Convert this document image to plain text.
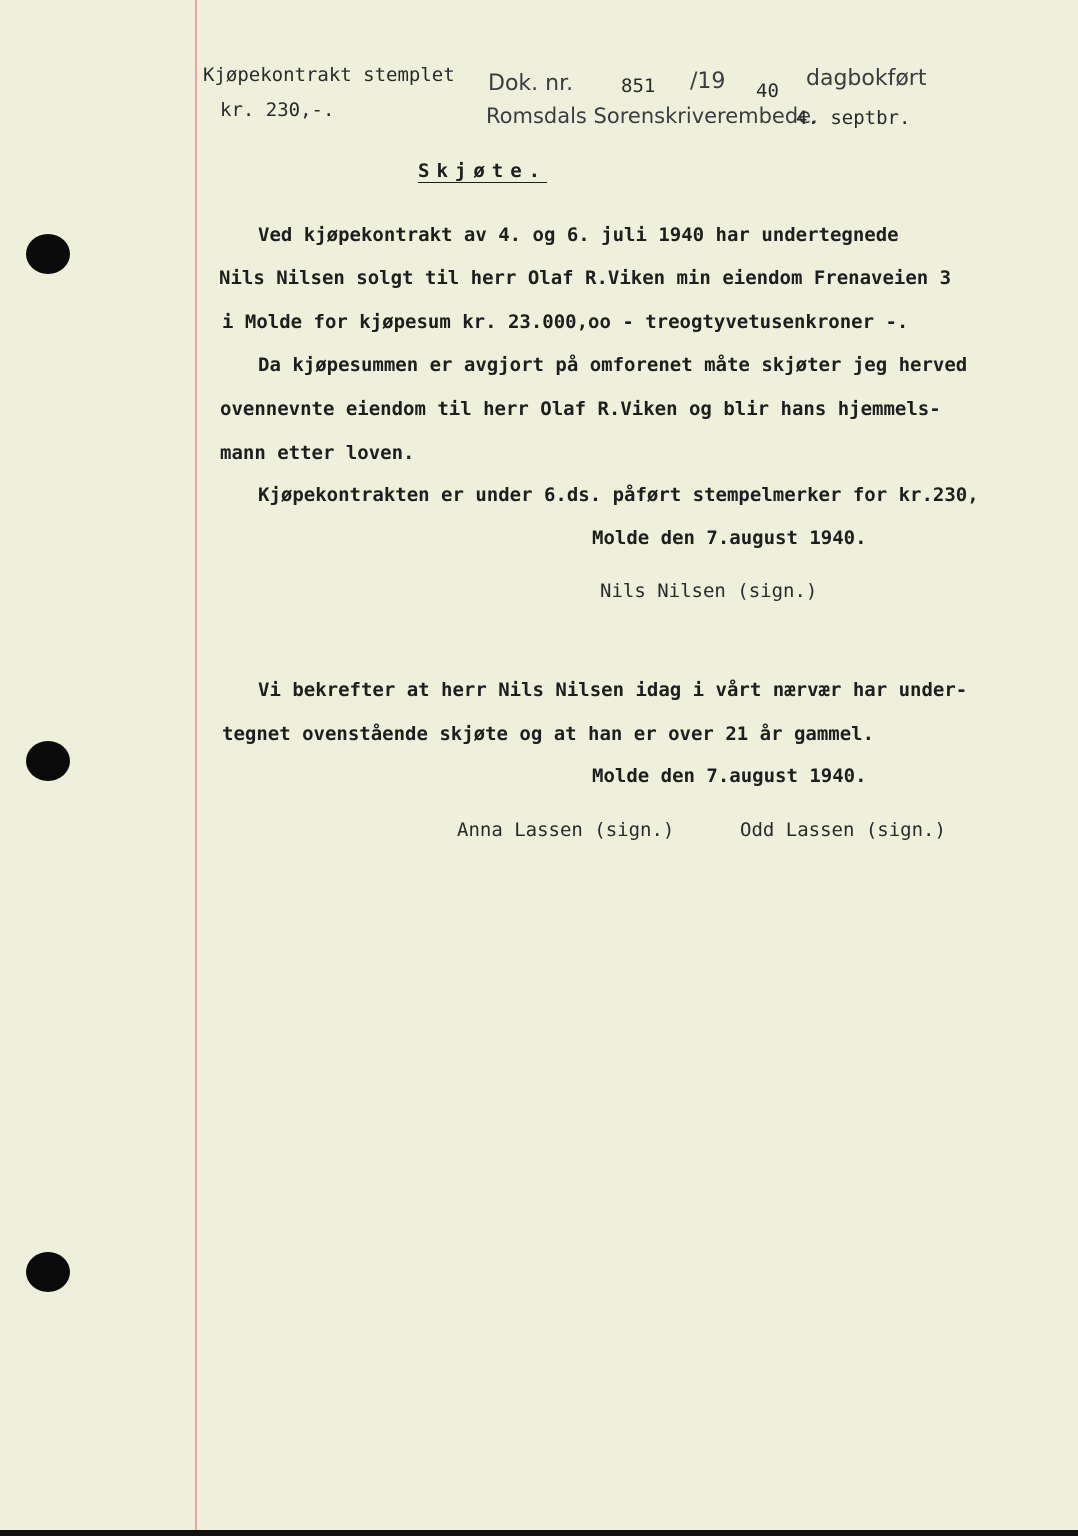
Kjøpekontrakt stemplet
kr. 230,-.
Dok. nr.	851 /19 40 dagbokført
Romsdals Sorenskriverembede.
4. septbr.
Skjøte.
Ved kjøpekontrakt av 4. og 6. juli 1940 har undertegnede
Nils Nilsen solgt til herr Olaf R.Viken min eiendom Frenaveien 3
i Molde for kjøpesum kr. 23.000,oo - treogtyvetusenkroner -.
Da kjøpesummen er avgjort på omforenet måte skjøter jeg herved
ovennevnte eiendom til herr Olaf R.Viken og blir hans hjemmels-
mann etter loven.
Kjøpekontrakten er under 6.ds. påført stempelmerker for kr.230,
Molde den 7.august 1940.
Nils Nilsen (sign.)
Vi bekrefter at herr Nils Nilsen idag i vårt nærvær har under-
tegnet ovenstående skjøte og at han er over 21 år gammel.
Molde den 7.august 1940.
Anna Lassen (sign.)	Odd Lassen (sign.)
